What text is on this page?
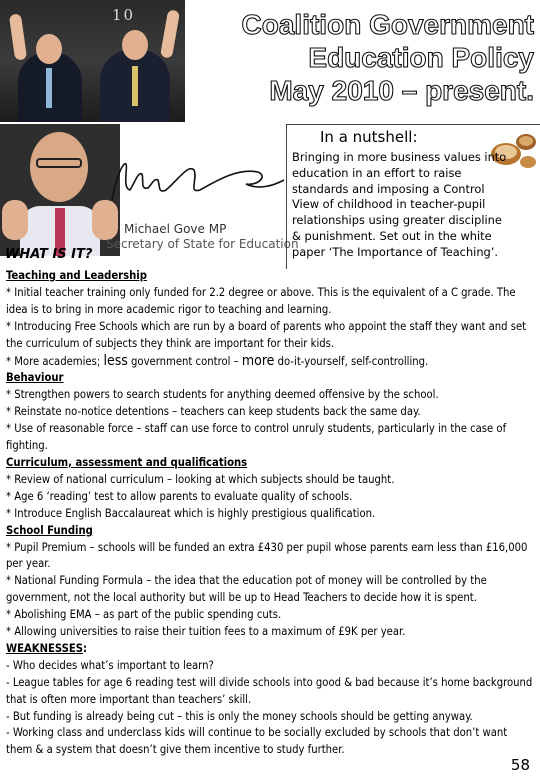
10	Coalition Government
Education Policy
May 2010 – present.
Michael Gove MP
Secretary of State for Education
WHAT IS IT?
In a nutshell:
Bringing in more business values into education in an effort to raise standards and imposing a Control View of childhood in teacher-pupil relationships using greater discipline & punishment. Set out in the white paper ‘The Importance of Teaching’.

Teaching and Leadership

* Initial teacher training only funded for 2.2 degree or above. This is the equivalent of a C grade. The idea is to bring in more academic rigor to teaching and learning.

* Introducing Free Schools which are run by a board of parents who appoint the staff they want and set the curriculum of subjects they think are important for their kids.

* More academies; less government control – more do-it-yourself, self-controlling.

Behaviour

* Strengthen powers to search students for anything deemed offensive by the school.

* Reinstate no-notice detentions – teachers can keep students back the same day.

* Use of reasonable force – staff can use force to control unruly students, particularly in the case of fighting.

Curriculum, assessment and qualifications

* Review of national curriculum – looking at which subjects should be taught.

* Age 6 ‘reading’ test to allow parents to evaluate quality of schools.

* Introduce English Baccalaureat which is highly prestigious qualification.

School Funding

* Pupil Premium – schools will be funded an extra £430 per pupil whose parents earn less than £16,000 per year.

* National Funding Formula – the idea that the education pot of money will be controlled by the government, not the local authority but will be up to Head Teachers to decide how it is spent.

* Abolishing EMA – as part of the public spending cuts.

* Allowing universities to raise their tuition fees to a maximum of £9K per year.

WEAKNESSES:

- Who decides what’s important to learn?

- League tables for age 6 reading test will divide schools into good & bad because it’s home background that is often more important than teachers’ skill.

- But funding is already being cut – this is only the money schools should be getting anyway.

- Working class and underclass kids will continue to be socially excluded by schools that don’t want them & a system that doesn’t give them incentive to study further.

58
